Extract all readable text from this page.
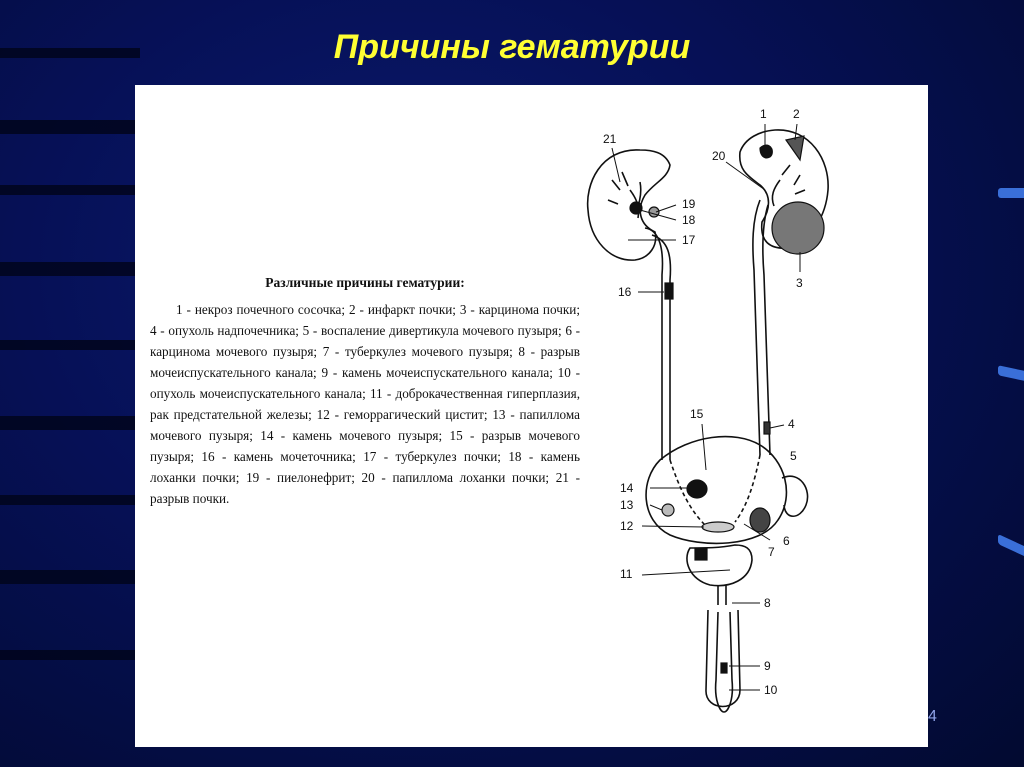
Причины гематурии
Различные причины гематурии:
1 - некроз почечного сосочка; 2 - инфаркт почки; 3 - карцинома почки; 4 - опухоль надпочечника; 5 - воспаление дивертикула мочевого пузыря; 6 - карцинома мочевого пузыря; 7 - туберкулез мочевого пузыря; 8 - разрыв мочеиспускательного канала; 9 - камень мочеиспускательного канала; 10 - опухоль мочеиспускательного канала; 11 - доброкачественная гиперплазия, рак предстательной железы; 12 - геморрагический цистит; 13 - папиллома мочевого пузыря; 14 - камень мочевого пузыря; 15 - разрыв мочевого пузыря; 16 - камень мочеточника; 17 - туберкулез почки; 18 - камень лоханки почки; 19 - пиелонефрит; 20 - папиллома лоханки почки; 21 - разрыв почки.
1 2
3
4
5
6
7
8
9
10
11
12
13
14
15
16
17
18
19
20
21
4
